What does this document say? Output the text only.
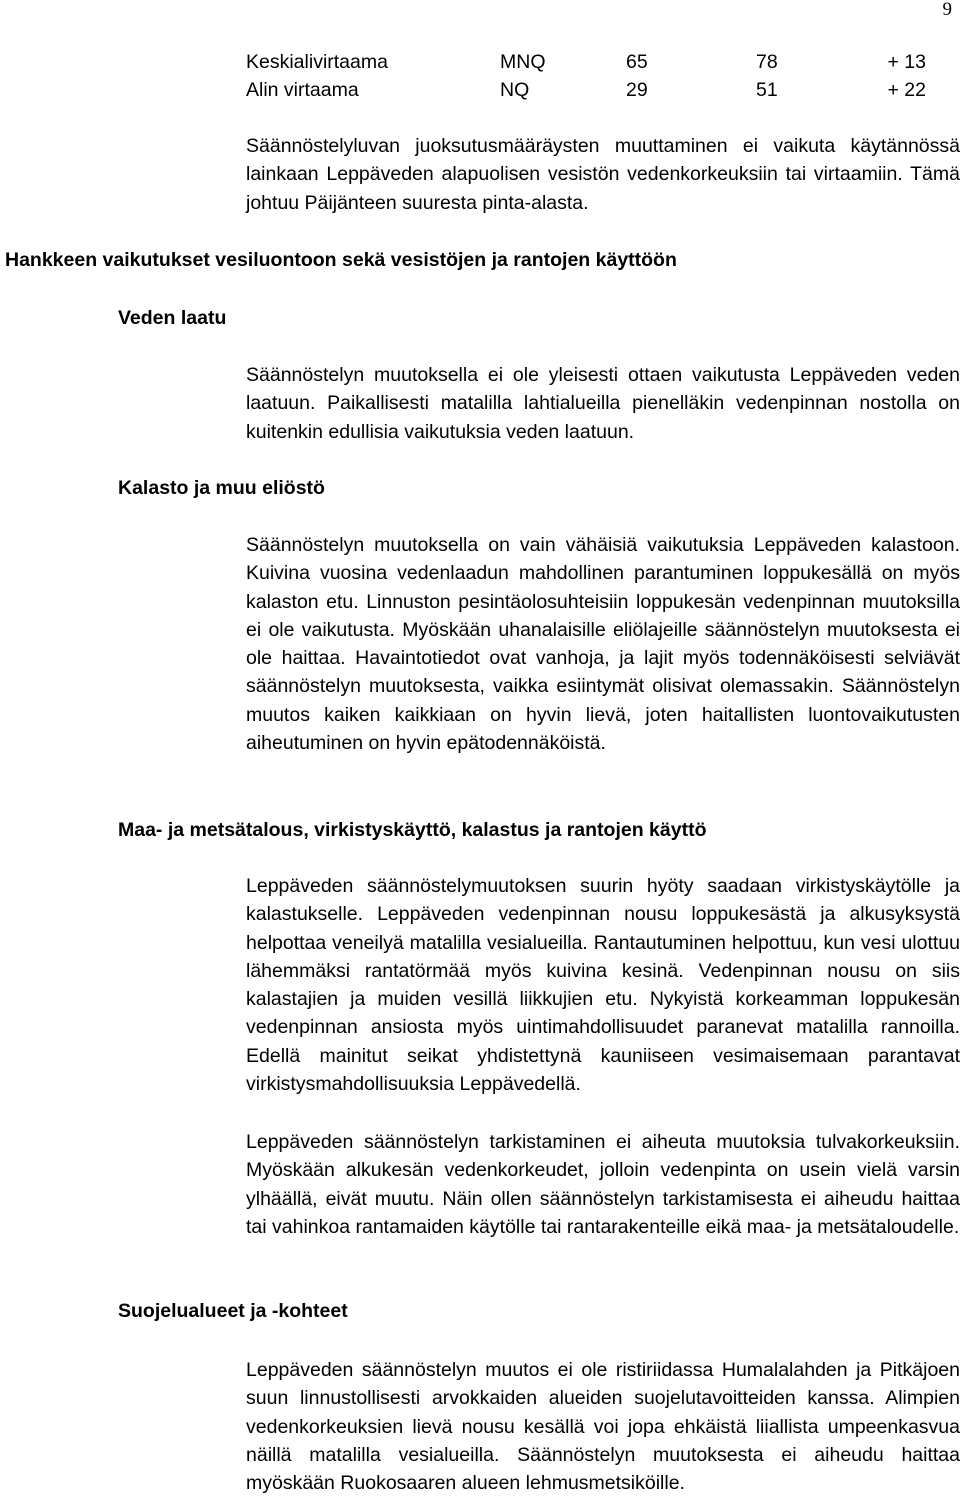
9
Keskialivirtaama	MNQ	65	78	+ 13
Alin virtaama	NQ	29	51	+ 22

Säännöstelyluvan juoksutusmääräysten muuttaminen ei vaikuta käytännössä lainkaan Leppäveden alapuolisen vesistön vedenkorkeuksiin tai virtaamiin. Tämä johtuu Päijänteen suuresta pinta-alasta.

Hankkeen vaikutukset vesiluontoon sekä vesistöjen ja rantojen käyttöön
Veden laatu

Säännöstelyn muutoksella ei ole yleisesti ottaen vaikutusta Leppäveden veden laatuun. Paikallisesti matalilla lahtialueilla pienelläkin vedenpinnan nostolla on kuitenkin edullisia vaikutuksia veden laatuun.

Kalasto ja muu eliöstö

Säännöstelyn muutoksella on vain vähäisiä vaikutuksia Leppäveden kalastoon. Kuivina vuosina vedenlaadun mahdollinen parantuminen loppukesällä on myös kalaston etu. Linnuston pesintäolosuhteisiin loppukesän vedenpinnan muutoksilla ei ole vaikutusta. Myöskään uhanalaisille eliölajeille säännöstelyn muutoksesta ei ole haittaa. Havaintotiedot ovat vanhoja, ja lajit myös todennäköisesti selviävät säännöstelyn muutoksesta, vaikka esiintymät olisivat olemassakin. Säännöstelyn muutos kaiken kaikkiaan on hyvin lievä, joten haitallisten luontovaikutusten aiheutuminen on hyvin epätodennäköistä.

Maa- ja metsätalous, virkistyskäyttö, kalastus ja rantojen käyttö

Leppäveden säännöstelymuutoksen suurin hyöty saadaan virkistyskäytölle ja kalastukselle. Leppäveden vedenpinnan nousu loppukesästä ja alkusyksystä helpottaa veneilyä matalilla vesialueilla. Rantautuminen helpottuu, kun vesi ulottuu lähemmäksi rantatörmää myös kuivina kesinä. Vedenpinnan nousu on siis kalastajien ja muiden vesillä liikkujien etu. Nykyistä korkeamman loppukesän vedenpinnan ansiosta myös uintimahdollisuudet paranevat matalilla rannoilla. Edellä mainitut seikat yhdistettynä kauniiseen vesimaisemaan parantavat virkistysmahdollisuuksia Leppävedellä.

Leppäveden säännöstelyn tarkistaminen ei aiheuta muutoksia tulvakorkeuksiin. Myöskään alkukesän vedenkorkeudet, jolloin vedenpinta on usein vielä varsin ylhäällä, eivät muutu. Näin ollen säännöstelyn tarkistamisesta ei aiheudu haittaa tai vahinkoa rantamaiden käytölle tai rantarakenteille eikä maa- ja metsätaloudelle.

Suojelualueet ja -kohteet

Leppäveden säännöstelyn muutos ei ole ristiriidassa Humalalahden ja Pitkäjoen suun linnustollisesti arvokkaiden alueiden suojelutavoitteiden kanssa. Alimpien vedenkorkeuksien lievä nousu kesällä voi jopa ehkäistä liiallista umpeenkasvua näillä matalilla vesialueilla. Säännöstelyn muutoksesta ei aiheudu haittaa myöskään Ruokosaaren alueen lehmusmetsiköille.
